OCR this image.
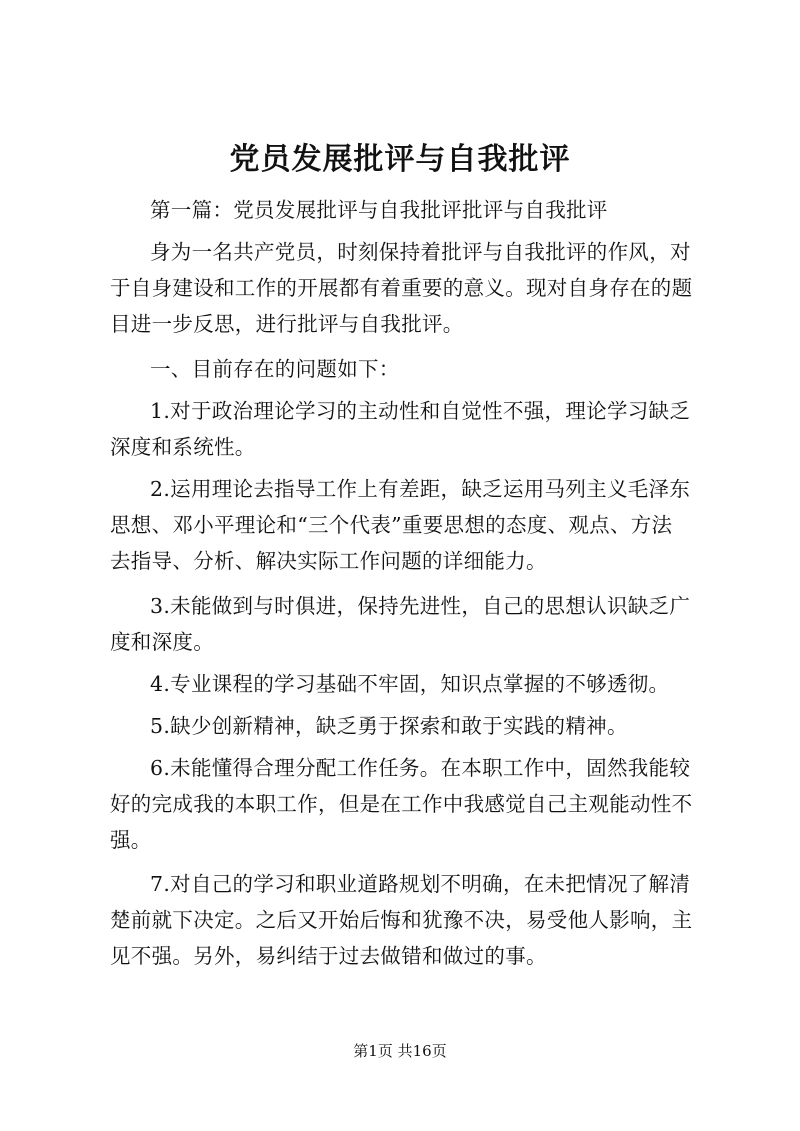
党员发展批评与自我批评
第一篇：党员发展批评与自我批评批评与自我批评
身为一名共产党员，时刻保持着批评与自我批评的作风，对
于自身建设和工作的开展都有着重要的意义。现对自身存在的题
目进一步反思，进行批评与自我批评。
一、目前存在的问题如下：
1.对于政治理论学习的主动性和自觉性不强，理论学习缺乏
深度和系统性。
2.运用理论去指导工作上有差距，缺乏运用马列主义毛泽东
思想、邓小平理论和“三个代表”重要思想的态度、观点、方法
去指导、分析、解决实际工作问题的详细能力。
3.未能做到与时俱进，保持先进性，自己的思想认识缺乏广
度和深度。
4.专业课程的学习基础不牢固，知识点掌握的不够透彻。
5.缺少创新精神，缺乏勇于探索和敢于实践的精神。
6.未能懂得合理分配工作任务。在本职工作中，固然我能较
好的完成我的本职工作，但是在工作中我感觉自己主观能动性不
强。
7.对自己的学习和职业道路规划不明确，在未把情况了解清
楚前就下决定。之后又开始后悔和犹豫不决，易受他人影响，主
见不强。另外，易纠结于过去做错和做过的事。
第1页 共16页
